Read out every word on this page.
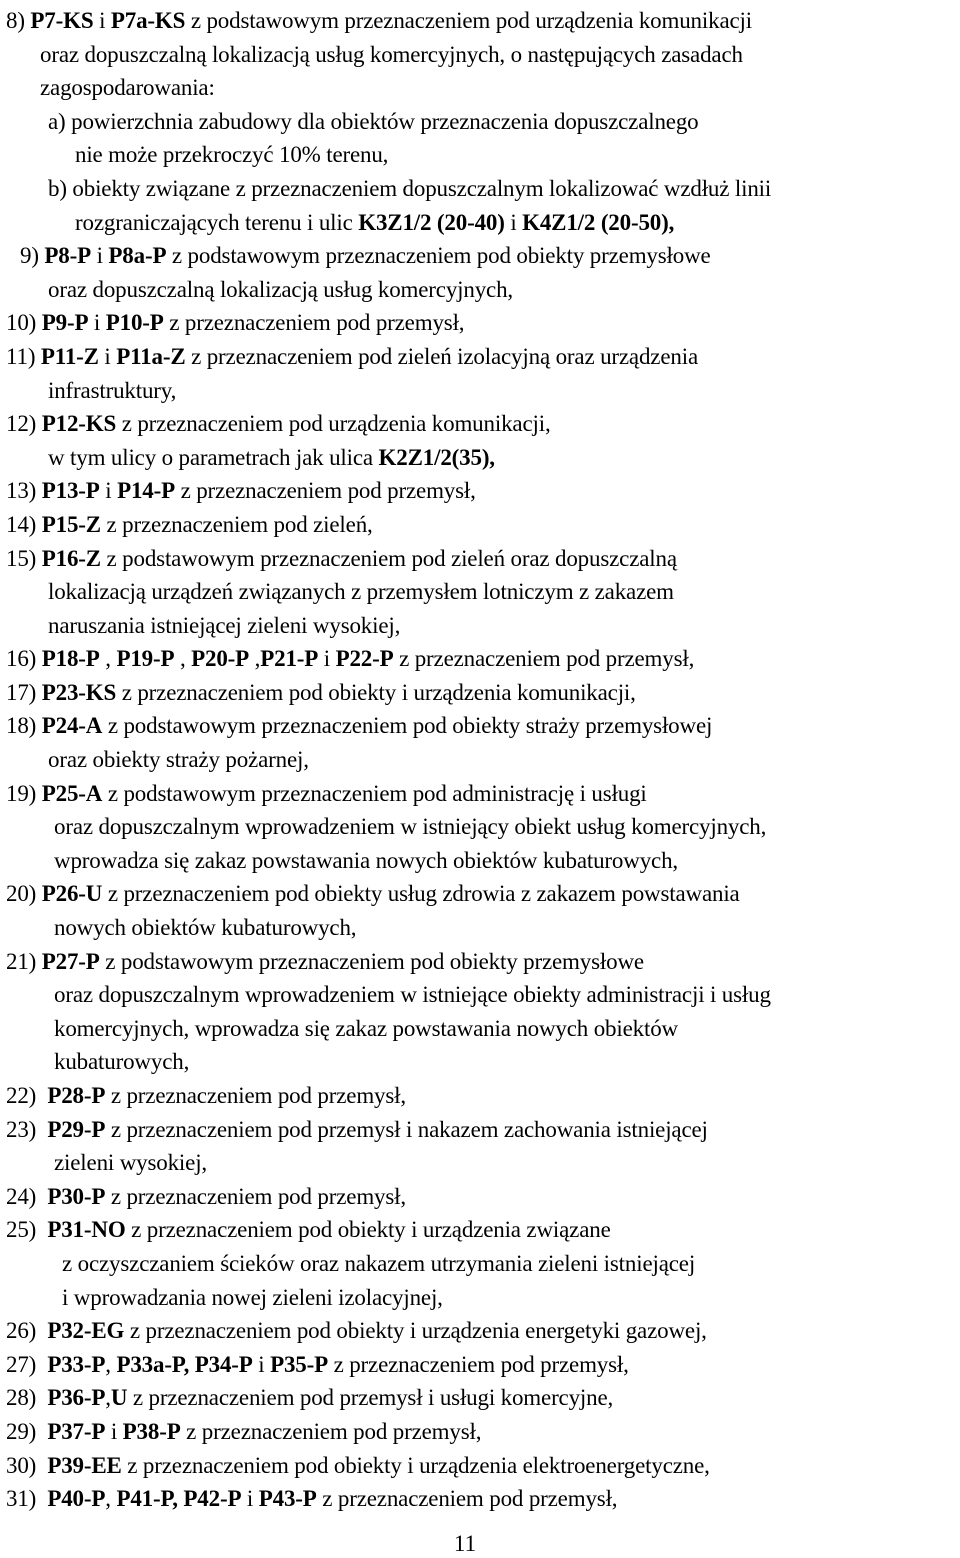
8) P7-KS i P7a-KS z podstawowym przeznaczeniem pod urządzenia komunikacji
oraz dopuszczalną lokalizacją usług komercyjnych, o następujących zasadach
zagospodarowania:
a) powierzchnia zabudowy dla obiektów przeznaczenia dopuszczalnego
nie może przekroczyć 10% terenu,
b) obiekty związane z przeznaczeniem dopuszczalnym lokalizować wzdłuż linii
rozgraniczających terenu i ulic K3Z1/2 (20-40) i K4Z1/2 (20-50),
9) P8-P i P8a-P z podstawowym przeznaczeniem pod obiekty przemysłowe
oraz dopuszczalną lokalizacją usług komercyjnych,
10) P9-P i P10-P z przeznaczeniem pod przemysł,
11) P11-Z i P11a-Z z przeznaczeniem pod zieleń izolacyjną oraz urządzenia
infrastruktury,
12) P12-KS z przeznaczeniem pod urządzenia komunikacji,
w tym ulicy o parametrach jak ulica K2Z1/2(35),
13) P13-P i P14-P z przeznaczeniem pod przemysł,
14) P15-Z z przeznaczeniem pod zieleń,
15) P16-Z z podstawowym przeznaczeniem pod zieleń oraz dopuszczalną
lokalizacją urządzeń związanych z przemysłem lotniczym z zakazem
naruszania istniejącej zieleni wysokiej,
16) P18-P , P19-P , P20-P ,P21-P i P22-P z przeznaczeniem pod przemysł,
17) P23-KS z przeznaczeniem pod obiekty i urządzenia komunikacji,
18) P24-A z podstawowym przeznaczeniem pod obiekty straży przemysłowej
oraz obiekty straży pożarnej,
19) P25-A z podstawowym przeznaczeniem pod administrację i usługi
oraz dopuszczalnym wprowadzeniem w istniejący obiekt usług komercyjnych,
wprowadza się zakaz powstawania nowych obiektów kubaturowych,
20) P26-U z przeznaczeniem pod obiekty usług zdrowia z zakazem powstawania
nowych obiektów kubaturowych,
21) P27-P z podstawowym przeznaczeniem pod obiekty przemysłowe
oraz dopuszczalnym wprowadzeniem w istniejące obiekty administracji i usług
komercyjnych, wprowadza się zakaz powstawania nowych obiektów
kubaturowych,
22)  P28-P z przeznaczeniem pod przemysł,
23)  P29-P z przeznaczeniem pod przemysł i nakazem zachowania istniejącej
zieleni wysokiej,
24)  P30-P z przeznaczeniem pod przemysł,
25)  P31-NO z przeznaczeniem pod obiekty i urządzenia związane
z oczyszczaniem ścieków oraz nakazem utrzymania zieleni istniejącej
i wprowadzania nowej zieleni izolacyjnej,
26)  P32-EG z przeznaczeniem pod obiekty i urządzenia energetyki gazowej,
27)  P33-P, P33a-P, P34-P i P35-P z przeznaczeniem pod przemysł,
28)  P36-P,U z przeznaczeniem pod przemysł i usługi komercyjne,
29)  P37-P i P38-P z przeznaczeniem pod przemysł,
30)  P39-EE z przeznaczeniem pod obiekty i urządzenia elektroenergetyczne,
31)  P40-P, P41-P, P42-P i P43-P z przeznaczeniem pod przemysł,
11
